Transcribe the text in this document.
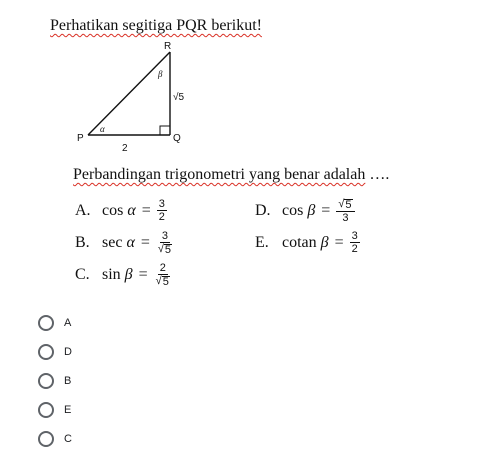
Perhatikan segitiga PQR berikut!
R
P	Q
β
α
√5
2
Perbandingan trigonometri yang benar adalah ….
A. $\cos \alpha = \frac{3}{2}$	D. $\cos \beta = \frac{√ 5}{3}$
B. $\sec \alpha = \frac{3}{√ 5}$	E. cotan $\beta = \frac{3}{2}$
C. $\sin \beta = \frac{2}{√ 5}$
A
D
B
E
C
